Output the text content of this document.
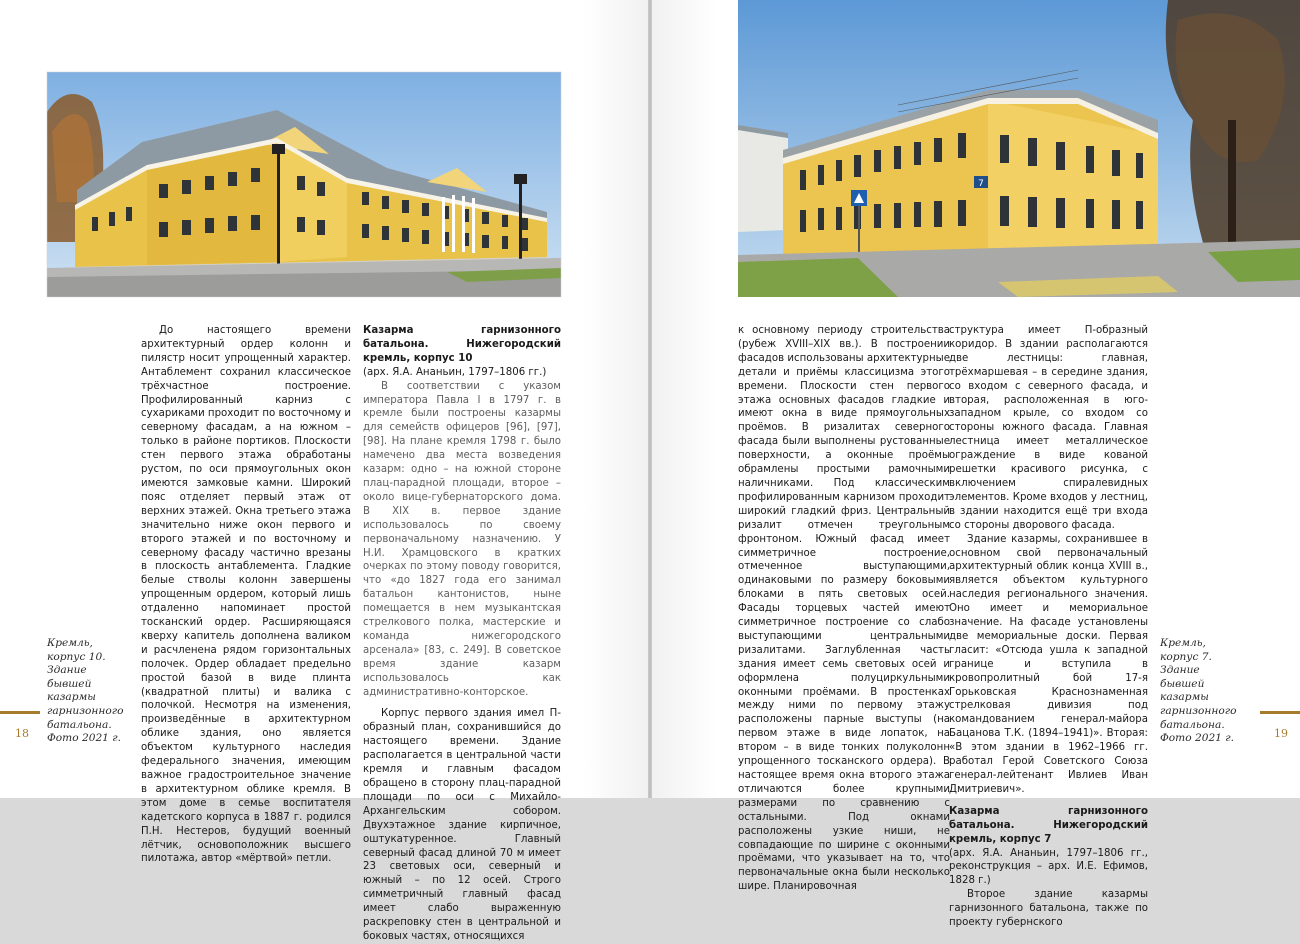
До настоящего времени архитектурный ордер колонн и пилястр носит упрощенный характер. Антаблемент сохранил классическое трёхчастное построение. Профилированный карниз с сухариками проходит по восточному и северному фасадам, а на южном – только в районе портиков. Плоскости стен первого этажа обработаны рустом, по оси прямоугольных окон имеются замковые камни. Широкий пояс отделяет первый этаж от верхних этажей. Окна третьего этажа значительно ниже окон первого и второго этажей и по восточному и северному фасаду частично врезаны в плоскость антаблемента. Гладкие белые стволы колонн завершены упрощенным ордером, который лишь отдаленно напоминает простой тосканский ордер. Расширяющаяся кверху капитель дополнена валиком и расчленена рядом горизонтальных полочек. Ордер обладает предельно простой базой в виде плинта (квадратной плиты) и валика с полочкой. Несмотря на изменения, произведённые в архитектурном облике здания, оно является объектом культурного наследия федерального значения, имеющим важное градостроительное значение в архитектурном облике кремля. В этом доме в семье воспитателя кадетского корпуса в 1887 г. родился П.Н. Нестеров, будущий военный лётчик, основоположник высшего пилотажа, автор «мёртвой» петли.

Казарма гарнизонного батальона. Нижегородский кремль, корпус 10

(арх. Я.А. Ананьин, 1797–1806 гг.)

В соответствии с указом императора Павла I в 1797 г. в кремле были построены казармы для семейств офицеров [96], [97], [98]. На плане кремля 1798 г. было намечено два места возведения казарм: одно – на южной стороне плац-парадной площади, второе – около вице-губернаторского дома. В XIX в. первое здание использовалось по своему первоначальному назначению. У Н.И. Храмцовского в кратких очерках по этому поводу говорится, что «до 1827 года его занимал батальон кантонистов, ныне помещается в нем музыкантская стрелкового полка, мастерские и команда нижегородского арсенала» [83, с. 249]. В советское время здание казарм использовалось как административно-конторское.

Корпус первого здания имел П-образный план, сохранившийся до настоящего времени. Здание располагается в центральной части кремля и главным фасадом обращено в сторону плац-парадной площади по оси с Михайло-Архангельским собором. Двухэтажное здание кирпичное, оштукатуренное. Главный северный фасад длиной 70 м имеет 23 световых оси, северный и южный – по 12 осей. Строго симметричный главный фасад имеет слабо выраженную раскреповку стен в центральной и боковых частях, относящихся

Кремль, корпус 10. Здание бывшей казармы гарнизонного батальона. Фото 2021 г.
18
7

к основному периоду строительства (рубеж XVIII–XIX вв.). В построении фасадов использованы архитектурные детали и приёмы классицизма этого времени. Плоскости стен первого этажа основных фасадов гладкие и имеют окна в виде прямоугольных проёмов. В ризалитах северного фасада были выполнены рустованные поверхности, а оконные проёмы обрамлены простыми рамочными наличниками. Под классическим профилированным карнизом проходит широкий гладкий фриз. Центральный ризалит отмечен треугольным фронтоном. Южный фасад имеет симметричное построение, отмеченное выступающими, одинаковыми по размеру боковыми блоками в пять световых осей. Фасады торцевых частей имеют симметричное построение со слабо выступающими центральными ризалитами. Заглубленная часть здания имеет семь световых осей и оформлена полуциркульными оконными проёмами. В простенках между ними по первому этажу расположены парные выступы (на первом этаже в виде лопаток, на втором – в виде тонких полуколонн упрощенного тосканского ордера). В настоящее время окна второго этажа отличаются более крупными размерами по сравнению с остальными. Под окнами расположены узкие ниши, не совпадающие по ширине с оконными проёмами, что указывает на то, что первоначальные окна были несколько шире. Планировочная

структура имеет П-образный коридор. В здании располагаются две лестницы: главная, трёхмаршевая – в середине здания, со входом с северного фасада, и вторая, расположенная в юго-западном крыле, со входом со стороны южного фасада. Главная лестница имеет металлическое ограждение в виде кованой решетки красивого рисунка, с включением спиралевидных элементов. Кроме входов у лестниц, в здании находится ещё три входа со стороны дворового фасада.

Здание казармы, сохранившее в основном свой первоначальный архитектурный облик конца XVIII в., является объектом культурного наследия регионального значения. Оно имеет и мемориальное значение. На фасаде установлены две мемориальные доски. Первая гласит: «Отсюда ушла к западной границе и вступила в кровопролитный бой 17-я Горьковская Краснознаменная стрелковая дивизия под командованием генерал-майора Бацанова Т.К. (1894–1941)». Вторая: «В этом здании в 1962–1966 гг. работал Герой Советского Союза генерал-лейтенант Ивлиев Иван Дмитриевич».

Казарма гарнизонного батальона. Нижегородский кремль, корпус 7

(арх. Я.А. Ананьин, 1797–1806 гг., реконструкция – арх. И.Е. Ефимов, 1828 г.)

Второе здание казармы гарнизонного батальона, также по проекту губернского

Кремль, корпус 7. Здание бывшей казармы гарнизонного батальона. Фото 2021 г.	19
